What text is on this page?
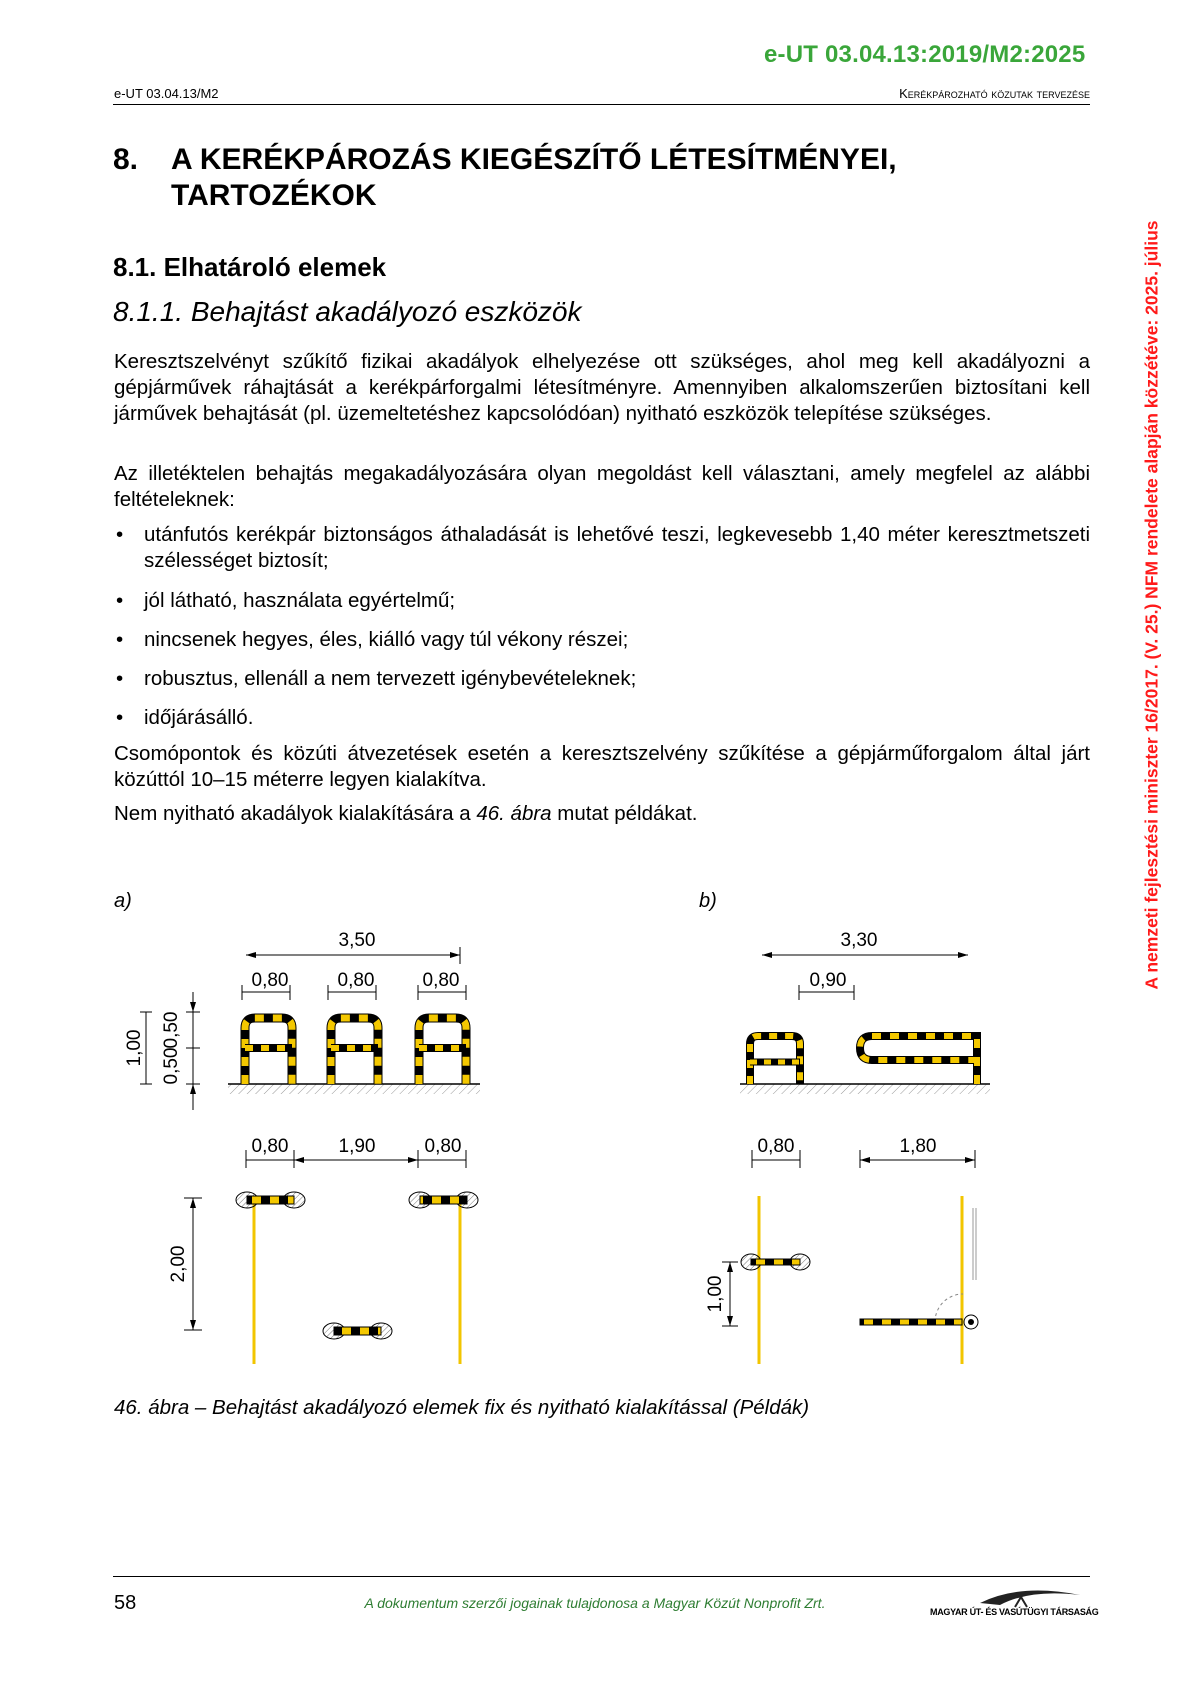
e-UT 03.04.13:2019/M2:2025
e-UT 03.04.13/M2	Kerékpározható közutak tervezése
A nemzeti fejlesztési miniszter 16/2017. (V. 25.) NFM rendelete alapján közzétéve: 2025. július
8. A KERÉKPÁROZÁS KIEGÉSZÍTŐ LÉTESÍTMÉNYEI, TARTOZÉKOK
8.1. Elhatároló elemek
8.1.1. Behajtást akadályozó eszközök
Keresztszelvényt szűkítő fizikai akadályok elhelyezése ott szükséges, ahol meg kell akadályozni a gépjárművek ráhajtását a kerékpárforgalmi létesítményre. Amennyiben alkalomszerűen biztosítani kell járművek behajtását (pl. üzemeltetéshez kapcsolódóan) nyitható eszközök telepítése szükséges.
Az illetéktelen behajtás megakadályozására olyan megoldást kell választani, amely megfelel az alábbi feltételeknek:
• utánfutós kerékpár biztonságos áthaladását is lehetővé teszi, legkevesebb 1,40 méter keresztmetszeti szélességet biztosít;
• jól látható, használata egyértelmű;
• nincsenek hegyes, éles, kiálló vagy túl vékony részei;
• robusztus, ellenáll a nem tervezett igénybevételeknek;
• időjárásálló.
Csomópontok és közúti átvezetések esetén a keresztszelvény szűkítése a gépjárműforgalom által járt közúttól 10–15 méterre legyen kialakítva.
Nem nyitható akadályok kialakítására a 46. ábra mutat példákat.
a)	b)
3,50
0,80	0,80	0,80
1,00 0,50
0,50
0,80	1,90	0,80
2,00
3,30
0,90
0,80	1,80
1,00
46. ábra – Behajtást akadályozó elemek fix és nyitható kialakítással (Példák)
58	A dokumentum szerzői jogainak tulajdonosa a Magyar Közút Nonprofit Zrt.
MAGYAR ÚT- ÉS VASÚTÜGYI TÁRSASÁG
